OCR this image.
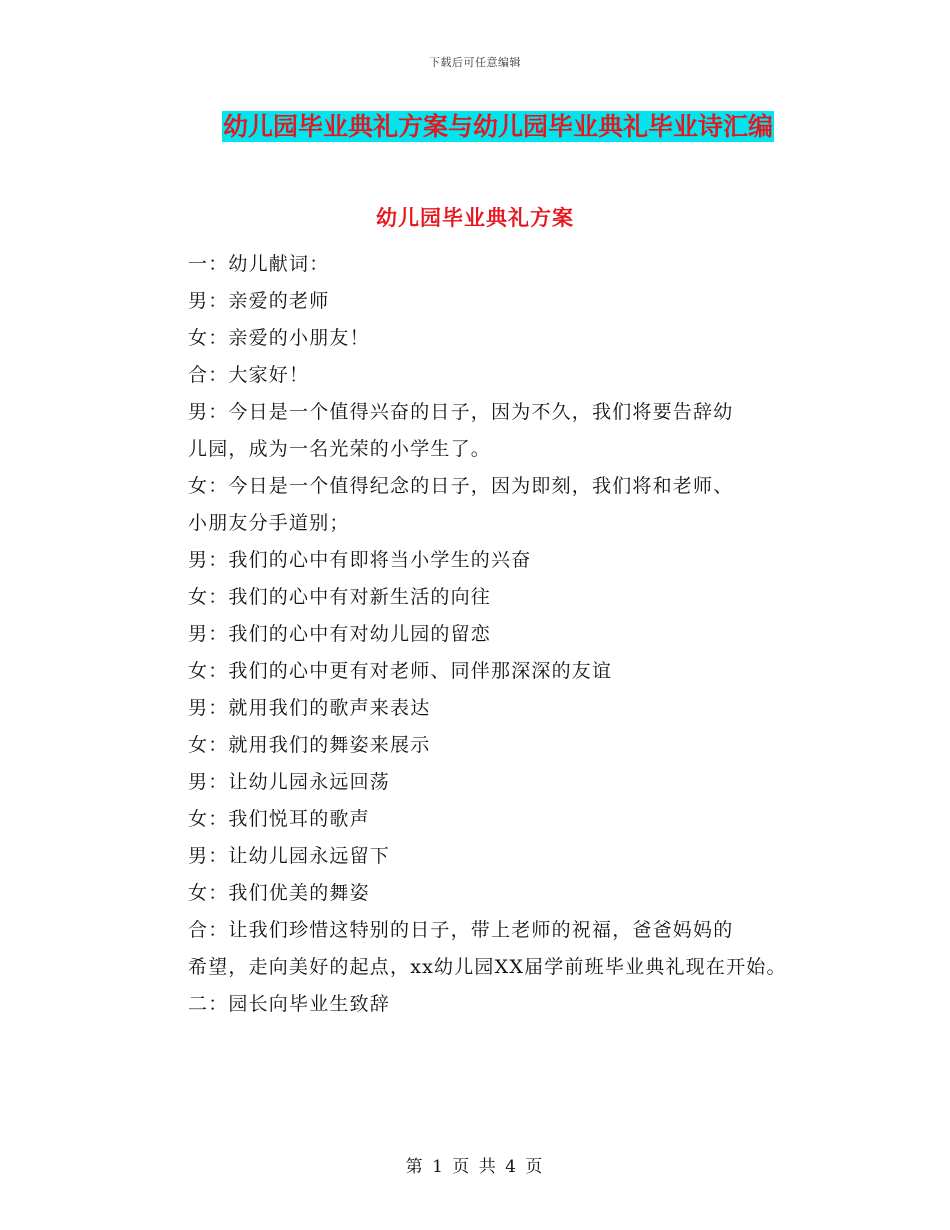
下载后可任意编辑
幼儿园毕业典礼方案与幼儿园毕业典礼毕业诗汇编
幼儿园毕业典礼方案

一：幼儿献词：

男：亲爱的老师

女：亲爱的小朋友！

合：大家好！

男：今日是一个值得兴奋的日子，因为不久，我们将要告辞幼

儿园，成为一名光荣的小学生了。

女：今日是一个值得纪念的日子，因为即刻，我们将和老师、

小朋友分手道别；

男：我们的心中有即将当小学生的兴奋

女：我们的心中有对新生活的向往

男：我们的心中有对幼儿园的留恋

女：我们的心中更有对老师、同伴那深深的友谊

男：就用我们的歌声来表达

女：就用我们的舞姿来展示

男：让幼儿园永远回荡

女：我们悦耳的歌声

男：让幼儿园永远留下

女：我们优美的舞姿

合：让我们珍惜这特别的日子，带上老师的祝福，爸爸妈妈的

希望，走向美好的起点，xx幼儿园XX届学前班毕业典礼现在开始。

二：园长向毕业生致辞

第 1 页 共 4 页
